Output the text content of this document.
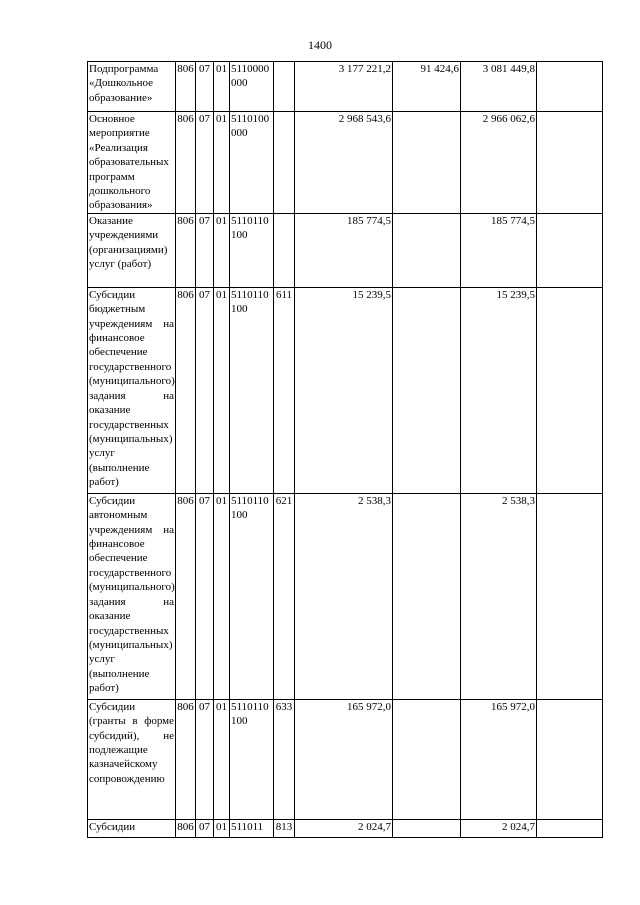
1400
Подпрограмма «Дошкольное образование»	806	07	01	5110000000		3 177 221,2	91 424,6	3 081 449,8	
Основное мероприятие «Реализация образовательных программ дошкольного образования»	806	07	01	5110100000		2 968 543,6		2 966 062,6	
Оказание учреждениями (организациями) услуг (работ)	806	07	01	5110110100		185 774,5		185 774,5	
Субсидии бюджетным учреждениям на финансовое обеспечение государственного (муниципального) задания на оказание государственных (муниципальных) услуг (выполнение работ)	806	07	01	5110110100	611	15 239,5		15 239,5	
Субсидии автономным учреждениям на финансовое обеспечение государственного (муниципального) задания на оказание государственных (муниципальных) услуг (выполнение работ)	806	07	01	5110110100	621	2 538,3		2 538,3	
Субсидии (гранты в форме субсидий), не подлежащие казначейскому сопровождению	806	07	01	5110110100	633	165 972,0		165 972,0	
Субсидии	806	07	01	511011	813	2 024,7		2 024,7	
